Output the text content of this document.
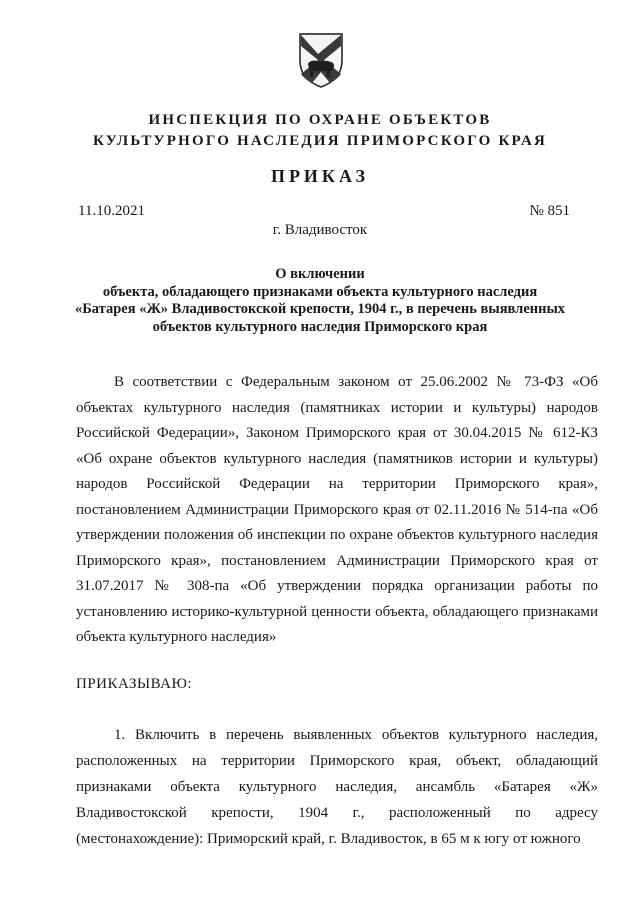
ИНСПЕКЦИЯ ПО ОХРАНЕ ОБЪЕКТОВ
КУЛЬТУРНОГО НАСЛЕДИЯ ПРИМОРСКОГО КРАЯ
ПРИКАЗ
11.10.2021	№ 851
г. Владивосток
О включении
объекта, обладающего признаками объекта культурного наследия
«Батарея «Ж» Владивостокской крепости, 1904 г., в перечень выявленных
объектов культурного наследия Приморского края
В соответствии с Федеральным законом от 25.06.2002 № 73-ФЗ «Об объектах культурного наследия (памятниках истории и культуры) народов Российской Федерации», Законом Приморского края от 30.04.2015 № 612-КЗ «Об охране объектов культурного наследия (памятников истории и культуры) народов Российской Федерации на территории Приморского края», постановлением Администрации Приморского края от 02.11.2016 № 514-па «Об утверждении положения об инспекции по охране объектов культурного наследия Приморского края», постановлением Администрации Приморского края от 31.07.2017 № 308-па «Об утверждении порядка организации работы по установлению историко-культурной ценности объекта, обладающего признаками объекта культурного наследия»
ПРИКАЗЫВАЮ:
1. Включить в перечень выявленных объектов культурного наследия, расположенных на территории Приморского края, объект, обладающий признаками объекта культурного наследия, ансамбль «Батарея «Ж» Владивостокской крепости, 1904 г., расположенный по адресу (местонахождение): Приморский край, г. Владивосток, в 65 м к югу от южного
